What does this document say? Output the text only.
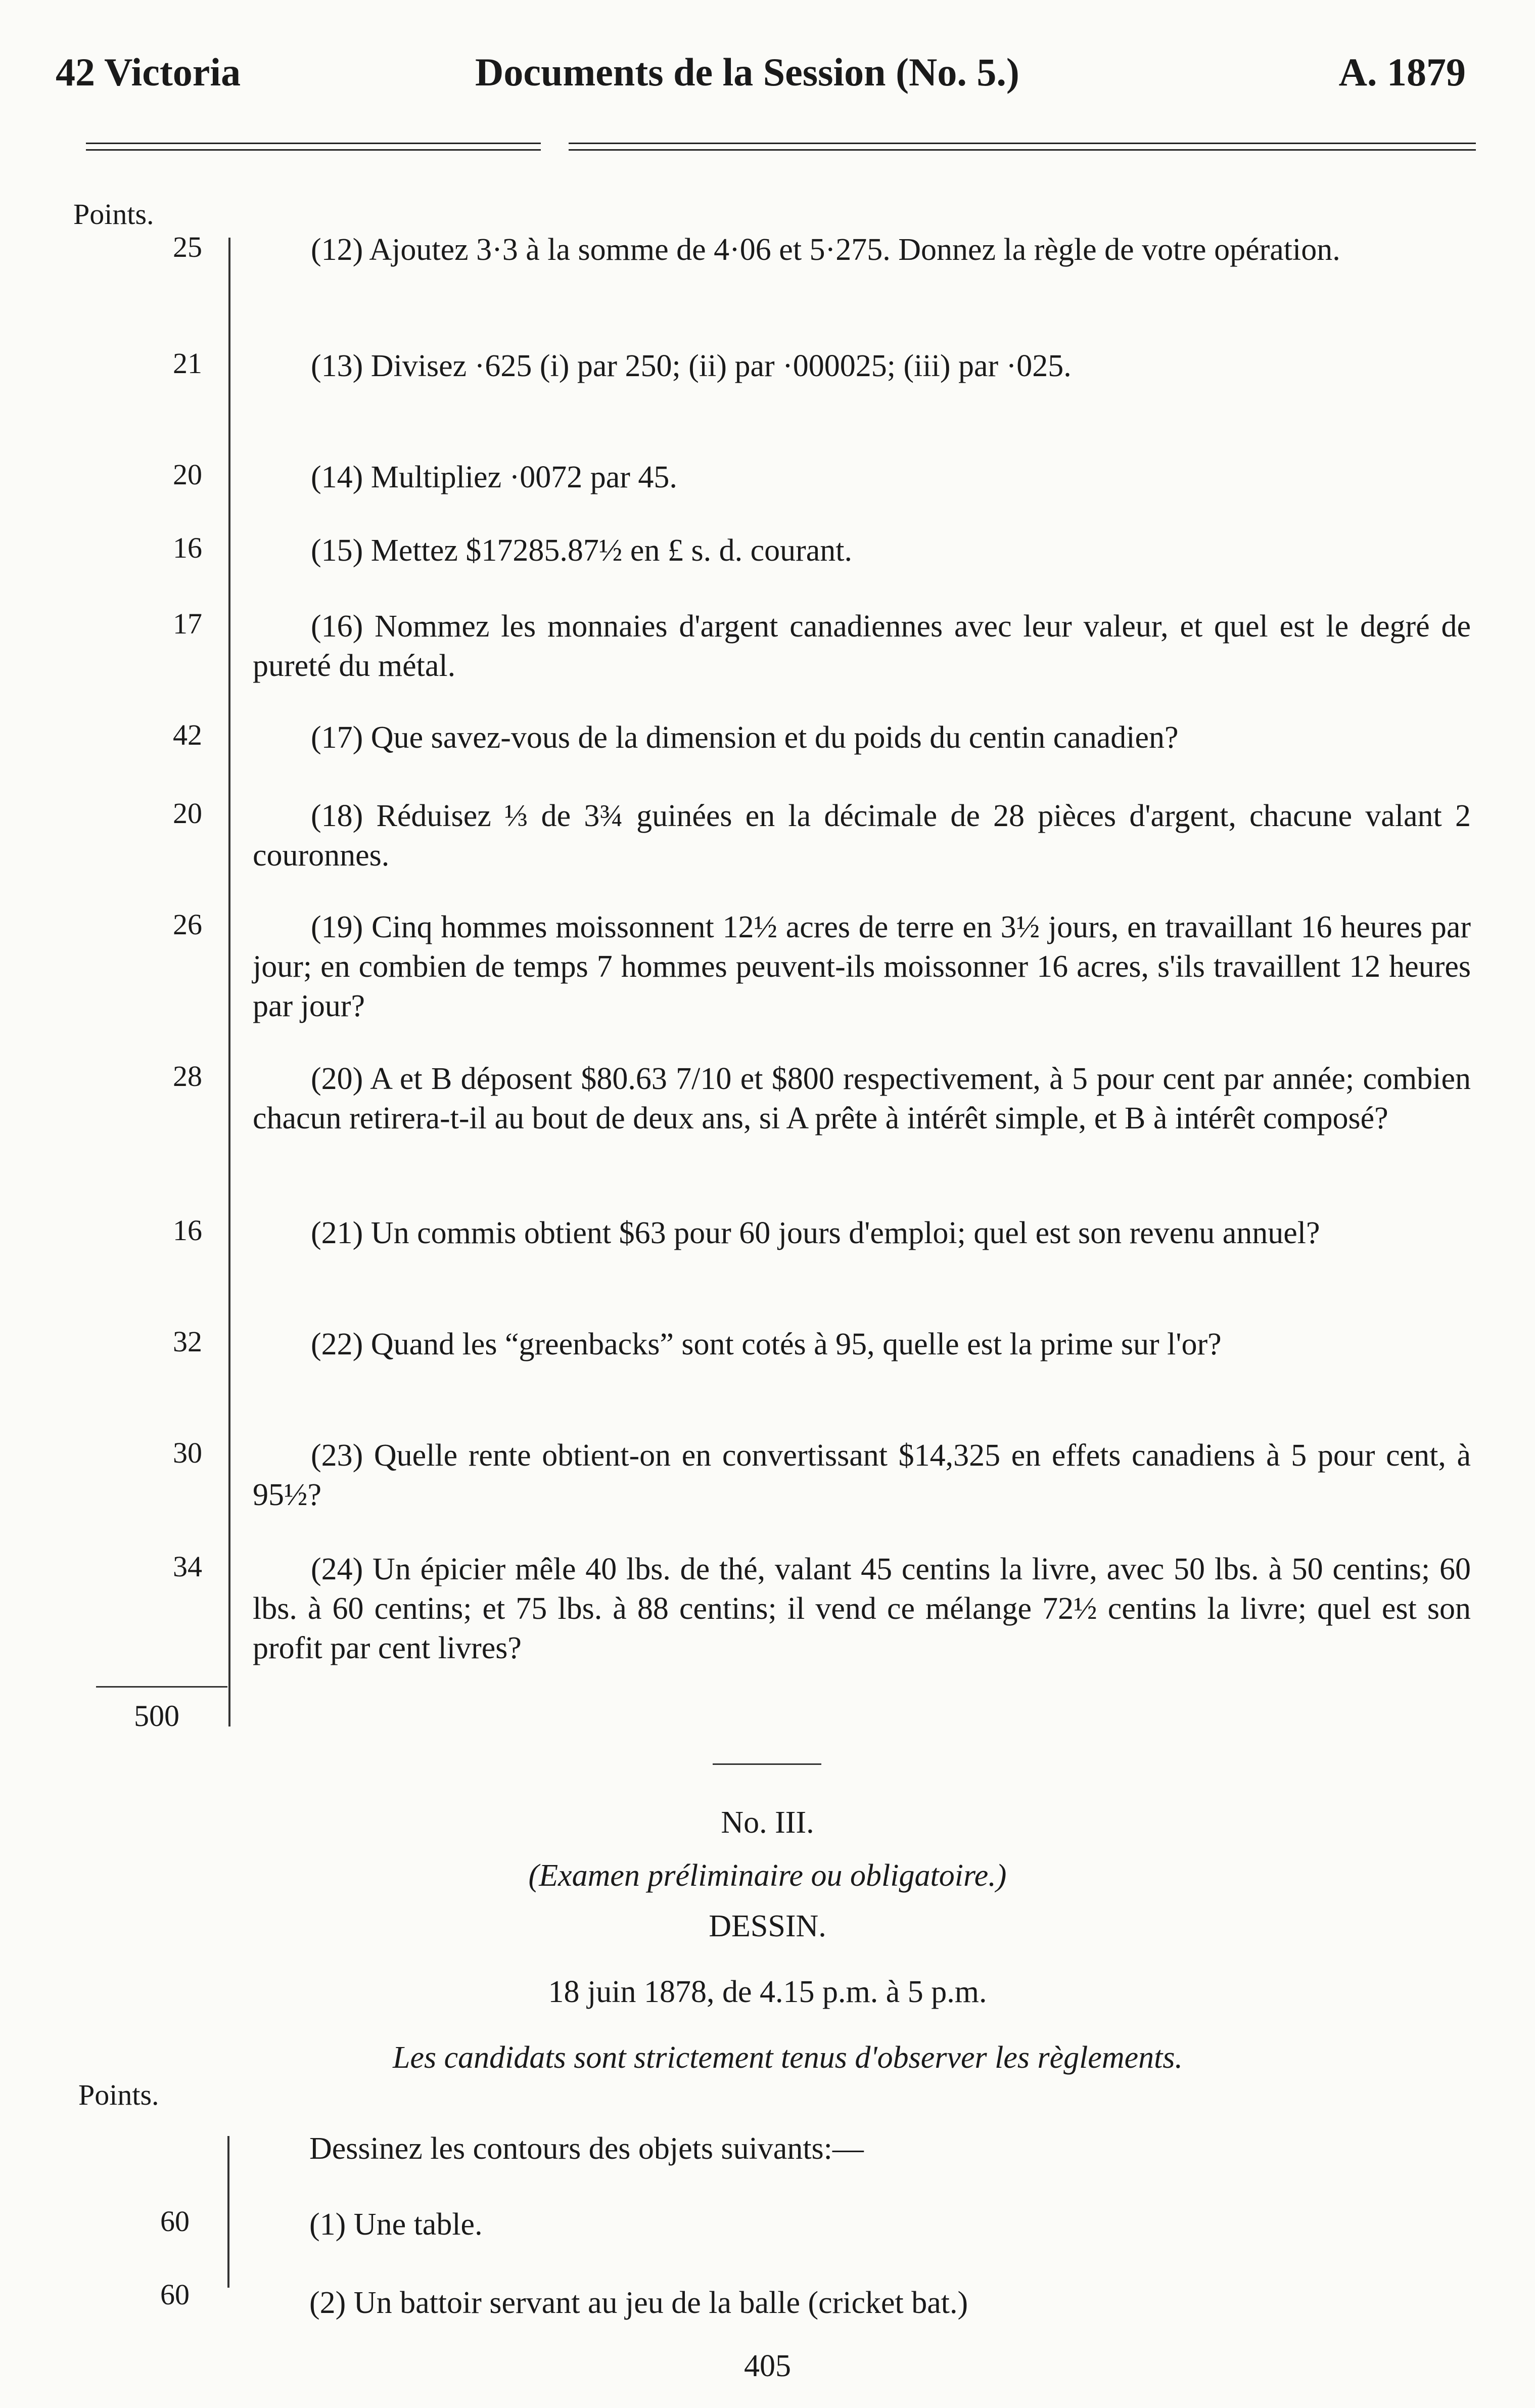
42 Victoria	Documents de la Session (No. 5.)	A. 1879
Points.
25	(12) Ajoutez 3·3 à la somme de 4·06 et 5·275. Donnez la règle de votre opération.
21	(13) Divisez ·625 (i) par 250; (ii) par ·000025; (iii) par ·025.
20	(14) Multipliez ·0072 par 45.
16	(15) Mettez $17285.87½ en £ s. d. courant.
17	(16) Nommez les monnaies d'argent canadiennes avec leur valeur, et quel est le degré de pureté du métal.
42	(17) Que savez-vous de la dimension et du poids du centin canadien?
20	(18) Réduisez ⅓ de 3¾ guinées en la décimale de 28 pièces d'argent, chacune valant 2 couronnes.
26	(19) Cinq hommes moissonnent 12½ acres de terre en 3½ jours, en travaillant 16 heures par jour; en combien de temps 7 hommes peuvent-ils moissonner 16 acres, s'ils travaillent 12 heures par jour?
28	(20) A et B déposent $80.63 7/10 et $800 respectivement, à 5 pour cent par année; combien chacun retirera-t-il au bout de deux ans, si A prête à intérêt simple, et B à intérêt composé?
16	(21) Un commis obtient $63 pour 60 jours d'emploi; quel est son revenu annuel?
32	(22) Quand les “greenbacks” sont cotés à 95, quelle est la prime sur l'or?
30	(23) Quelle rente obtient-on en convertissant $14,325 en effets canadiens à 5 pour cent, à 95½?
34	(24) Un épicier mêle 40 lbs. de thé, valant 45 centins la livre, avec 50 lbs. à 50 centins; 60 lbs. à 60 centins; et 75 lbs. à 88 centins; il vend ce mélange 72½ centins la livre; quel est son profit par cent livres?
500
No. III.
(Examen préliminaire ou obligatoire.)
DESSIN.
18 juin 1878, de 4.15 p.m. à 5 p.m.
Les candidats sont strictement tenus d'observer les règlements.
Points.
Dessinez les contours des objets suivants:—
60	(1) Une table.
60	(2) Un battoir servant au jeu de la balle (cricket bat.)
405
